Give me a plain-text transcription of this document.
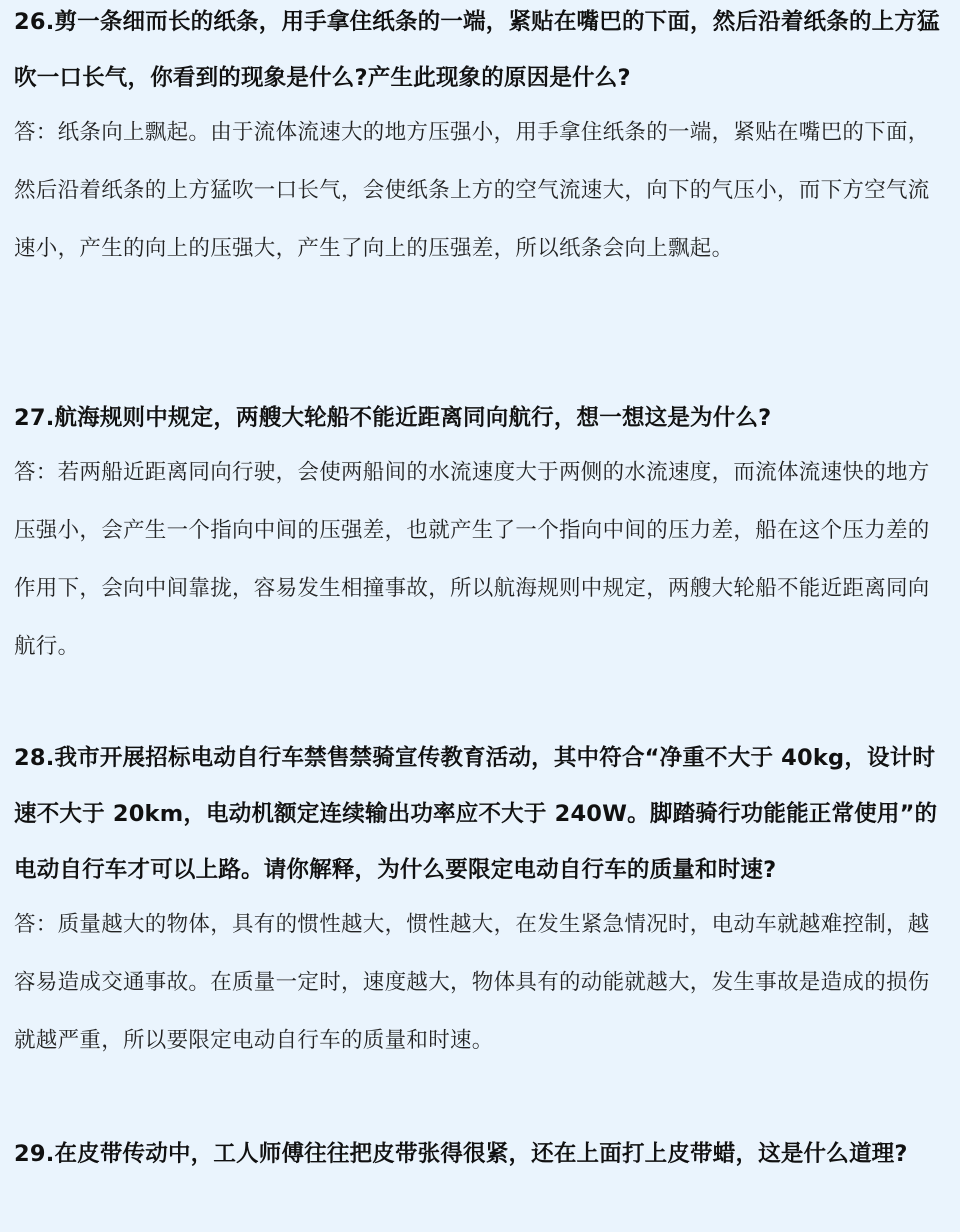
26.剪一条细而长的纸条，用手拿住纸条的一端，紧贴在嘴巴的下面，然后沿着纸条的上方猛吹一口长气，你看到的现象是什么?产生此现象的原因是什么?

答：纸条向上飘起。由于流体流速大的地方压强小，用手拿住纸条的一端，紧贴在嘴巴的下面，然后沿着纸条的上方猛吹一口长气，会使纸条上方的空气流速大，向下的气压小，而下方空气流速小，产生的向上的压强大，产生了向上的压强差，所以纸条会向上飘起。

27.航海规则中规定，两艘大轮船不能近距离同向航行，想一想这是为什么?

答：若两船近距离同向行驶，会使两船间的水流速度大于两侧的水流速度，而流体流速快的地方压强小，会产生一个指向中间的压强差，也就产生了一个指向中间的压力差，船在这个压力差的作用下，会向中间靠拢，容易发生相撞事故，所以航海规则中规定，两艘大轮船不能近距离同向航行。

28.我市开展招标电动自行车禁售禁骑宣传教育活动，其中符合“净重不大于 40kg，设计时速不大于 20km，电动机额定连续输出功率应不大于 240W。脚踏骑行功能能正常使用”的电动自行车才可以上路。请你解释，为什么要限定电动自行车的质量和时速?

答：质量越大的物体，具有的惯性越大，惯性越大，在发生紧急情况时，电动车就越难控制，越容易造成交通事故。在质量一定时，速度越大，物体具有的动能就越大，发生事故是造成的损伤就越严重，所以要限定电动自行车的质量和时速。

29.在皮带传动中，工人师傅往往把皮带张得很紧，还在上面打上皮带蜡，这是什么道理?
